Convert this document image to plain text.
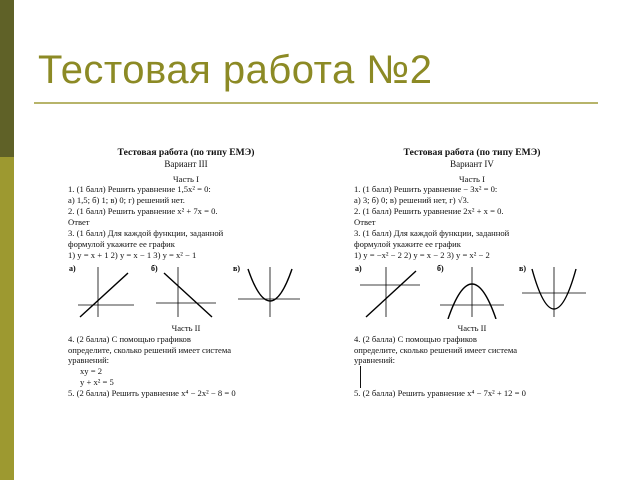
Тестовая работа №2
Тестовая работа (по типу ЕМЭ)
Вариант III
Часть I
1. (1 балл) Решить уравнение 1,5x² = 0:
а) 1,5; б) 1; в) 0; г) решений нет.
2. (1 балл) Решить уравнение x² + 7x = 0.
Ответ
3. (1 балл) Для каждой функции, заданной
формулой укажите ее график
1) y = x + 1 2) y = x − 1 3) y = x² − 1
а)	б)	в)
Часть II
4. (2 балла) С помощью графиков
определите, сколько решений имеет система
уравнений:
xy = 2
y + x² = 5
5. (2 балла) Решить уравнение x⁴ − 2x² − 8 = 0
Тестовая работа (по типу ЕМЭ)
Вариант IV
Часть I
1. (1 балл) Решить уравнение − 3x² = 0:
а) 3; б) 0; в) решений нет, г) √3.
2. (1 балл) Решить уравнение 2x² + x = 0.
Ответ
3. (1 балл) Для каждой функции, заданной
формулой укажите ее график
1) y = −x² − 2 2) y = x − 2 3) y = x² − 2
а)	б)	в)
Часть II
4. (2 балла) С помощью графиков
определите, сколько решений имеет система
уравнений:
5. (2 балла) Решить уравнение x⁴ − 7x² + 12 = 0
